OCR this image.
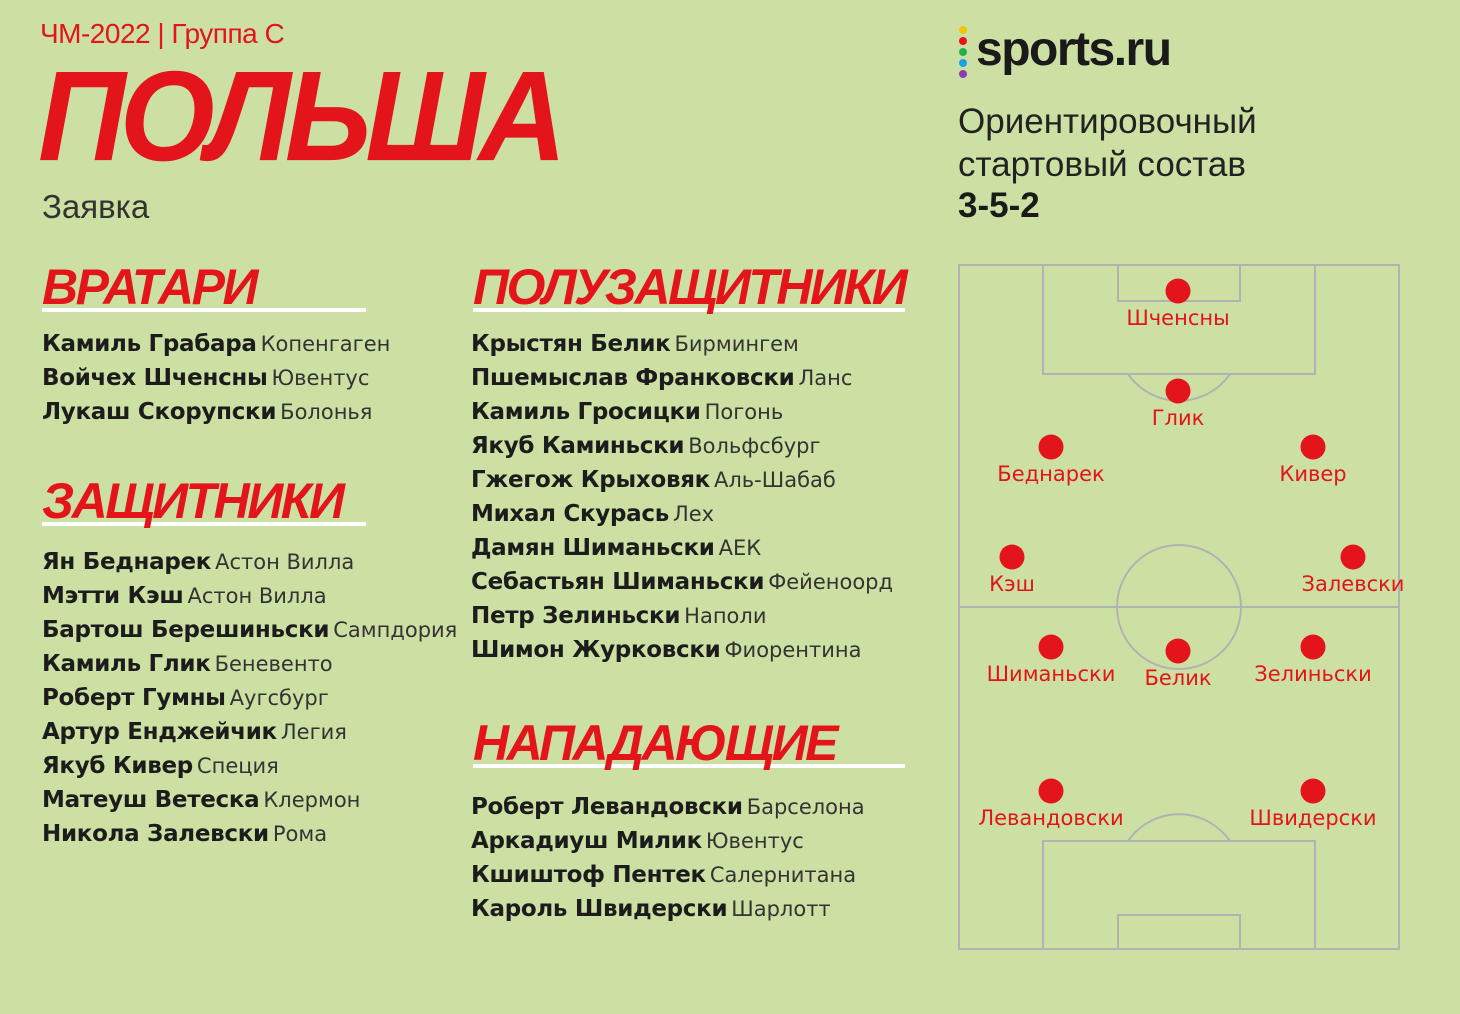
ЧМ-2022 | Группа С
ПОЛЬША
Заявка
ВРАТАРИ
Камиль Грабара Копенгаген
Войчех Шченсны Ювентус
Лукаш Скорупски Болонья
ЗАЩИТНИКИ
Ян Беднарек Астон Вилла
Мэтти Кэш Астон Вилла
Бартош Берешиньски Сампдория
Камиль Глик Беневенто
Роберт Гумны Аугсбург
Артур Енджейчик Легия
Якуб Кивер Специя
Матеуш Ветеска Клермон
Никола Залевски Рома
ПОЛУЗАЩИТНИКИ
Крыстян Белик Бирмингем
Пшемыслав Франковски Ланс
Камиль Гросицки Погонь
Якуб Каминьски Вольфсбург
Гжегож Крыховяк Аль-Шабаб
Михал Скурась Лех
Дамян Шиманьски АЕК
Себастьян Шиманьски Фейеноорд
Петр Зелиньски Наполи
Шимон Журковски Фиорентина
НАПАДАЮЩИЕ
Роберт Левандовски Барселона
Аркадиуш Милик Ювентус
Кшиштоф Пентек Салернитана
Кароль Швидерски Шарлотт
sports.ru
Ориентировочный стартовый состав
3-5-2
Шченсны
Глик
Беднарек	Кивер
Кэш	Залевски
Шиманьски Белик Зелиньски
Левандовски	Швидерски
